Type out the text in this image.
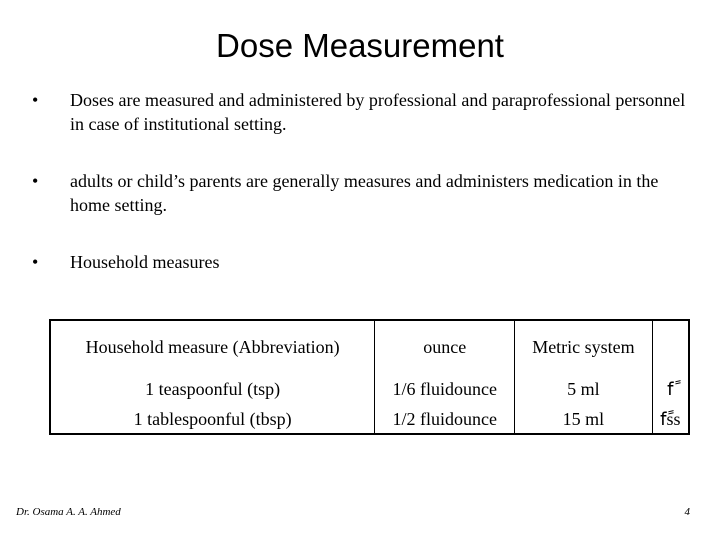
Dose Measurement
• Doses are measured and administered by professional and paraprofessional personnel in case of institutional setting.
• adults or child’s parents are generally measures and administers medication in the home setting.
• Household measures
Household measure (Abbreviation)	ounce	Metric system	
1 teaspoonful (tsp)	1/6 fluidounce	5 ml	fً
1 tablespoonful (tbsp)	1/2 fluidounce	15 ml	fًss
Dr. Osama A. A. Ahmed	4
